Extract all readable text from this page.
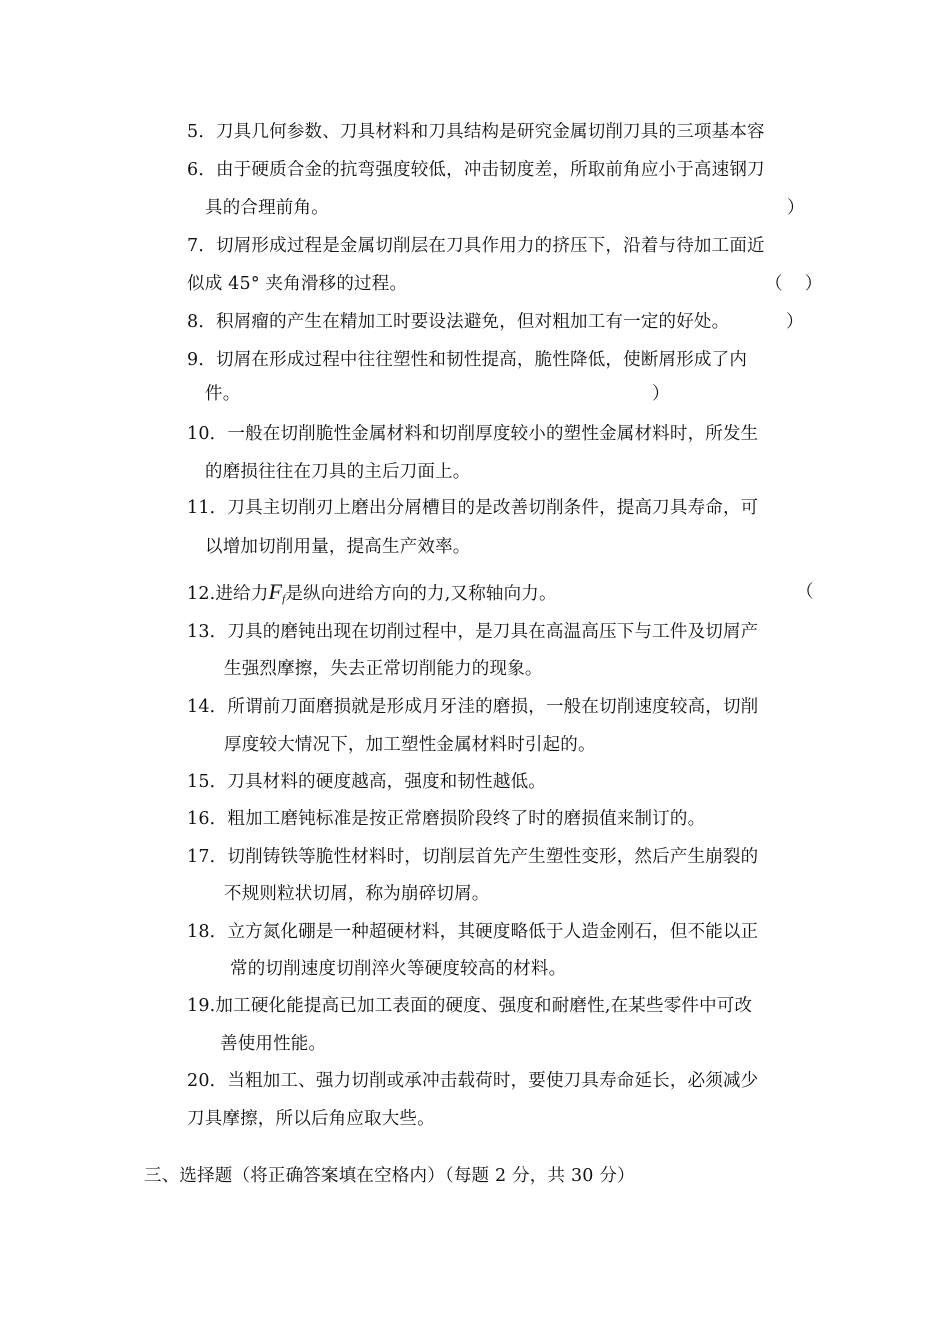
5．刀具几何参数、刀具材料和刀具结构是研究金属切削刀具的三项基本容
6．由于硬质合金的抗弯强度较低，冲击韧度差，所取前角应小于高速钢刀
具的合理前角。	）
7．切屑形成过程是金属切削层在刀具作用力的挤压下，沿着与待加工面近
似成 45° 夹角滑移的过程。	（    ）
8．积屑瘤的产生在精加工时要设法避免，但对粗加工有一定的好处。	）
9．切屑在形成过程中往往塑性和韧性提高，脆性降低，使断屑形成了内
件。	）
10．一般在切削脆性金属材料和切削厚度较小的塑性金属材料时，所发生
的磨损往往在刀具的主后刀面上。
11．刀具主切削刃上磨出分屑槽目的是改善切削条件，提高刀具寿命，可
以增加切削用量，提高生产效率。
12.进给力$F_f$是纵向进给方向的力,又称轴向力。	（
13．刀具的磨钝出现在切削过程中，是刀具在高温高压下与工件及切屑产
生强烈摩擦，失去正常切削能力的现象。
14．所谓前刀面磨损就是形成月牙洼的磨损，一般在切削速度较高，切削
厚度较大情况下，加工塑性金属材料时引起的。
15．刀具材料的硬度越高，强度和韧性越低。
16．粗加工磨钝标准是按正常磨损阶段终了时的磨损值来制订的。
17．切削铸铁等脆性材料时，切削层首先产生塑性变形，然后产生崩裂的
不规则粒状切屑，称为崩碎切屑。
18．立方氮化硼是一种超硬材料，其硬度略低于人造金刚石，但不能以正
常的切削速度切削淬火等硬度较高的材料。
19.加工硬化能提高已加工表面的硬度、强度和耐磨性,在某些零件中可改
善使用性能。
20．当粗加工、强力切削或承冲击载荷时，要使刀具寿命延长，必须减少
刀具摩擦，所以后角应取大些。
三、选择题（将正确答案填在空格内）（每题 2 分，共 30 分）
